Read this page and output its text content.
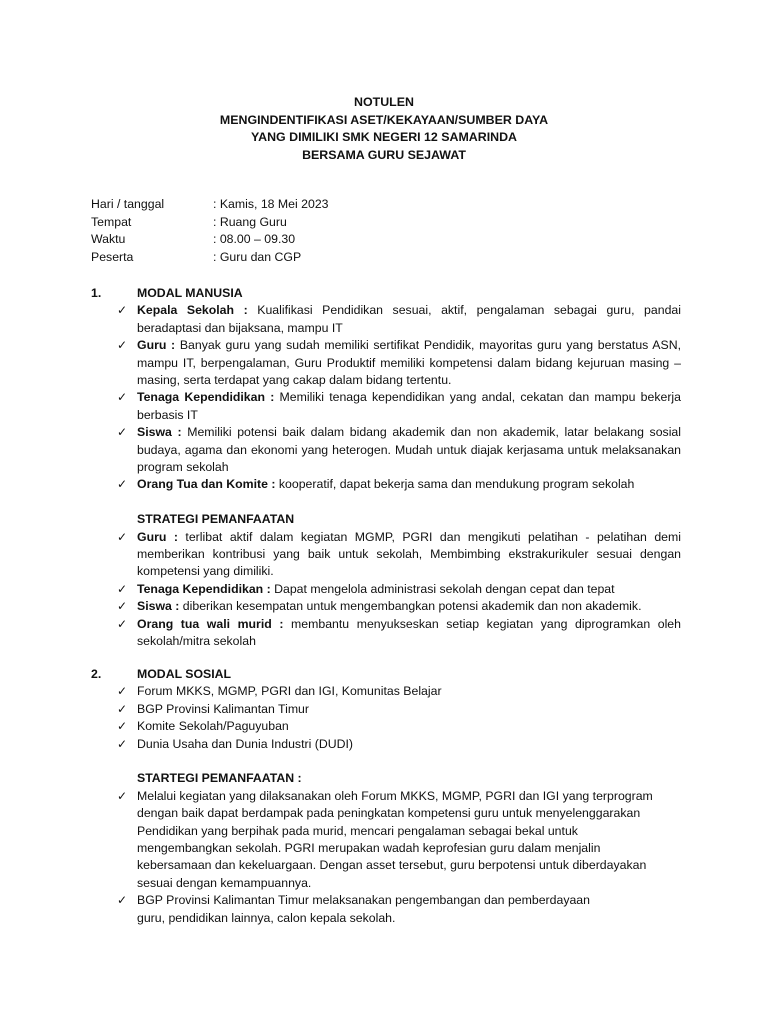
NOTULEN
MENGINDENTIFIKASI ASET/KEKAYAAN/SUMBER DAYA
YANG DIMILIKI SMK NEGERI 12 SAMARINDA
BERSAMA GURU SEJAWAT
Hari / tanggal	: Kamis, 18 Mei 2023
Tempat	: Ruang Guru
Waktu	: 08.00 – 09.30
Peserta	: Guru dan CGP
1.	MODAL MANUSIA
✓ Kepala Sekolah : Kualifikasi Pendidikan sesuai, aktif, pengalaman sebagai guru, pandai beradaptasi dan bijaksana, mampu IT
✓ Guru : Banyak guru yang sudah memiliki sertifikat Pendidik, mayoritas guru yang berstatus ASN, mampu IT, berpengalaman, Guru Produktif memiliki kompetensi dalam bidang kejuruan masing – masing, serta terdapat yang cakap dalam bidang tertentu.
✓ Tenaga Kependidikan : Memiliki tenaga kependidikan yang andal, cekatan dan mampu bekerja berbasis IT
✓ Siswa : Memiliki potensi baik dalam bidang akademik dan non akademik, latar belakang sosial budaya, agama dan ekonomi yang heterogen. Mudah untuk diajak kerjasama untuk melaksanakan program sekolah
✓ Orang Tua dan Komite : kooperatif, dapat bekerja sama dan mendukung program sekolah
STRATEGI PEMANFAATAN
✓ Guru : terlibat aktif dalam kegiatan MGMP, PGRI dan mengikuti pelatihan - pelatihan demi memberikan kontribusi yang baik untuk sekolah, Membimbing ekstrakurikuler sesuai dengan kompetensi yang dimiliki.
✓ Tenaga Kependidikan : Dapat mengelola administrasi sekolah dengan cepat dan tepat
✓ Siswa : diberikan kesempatan untuk mengembangkan potensi akademik dan non akademik.
✓ Orang tua wali murid : membantu menyukseskan setiap kegiatan yang diprogramkan oleh sekolah/mitra sekolah
2.	MODAL SOSIAL
✓ Forum MKKS, MGMP, PGRI dan IGI, Komunitas Belajar
✓ BGP Provinsi Kalimantan Timur
✓ Komite Sekolah/Paguyuban
✓ Dunia Usaha dan Dunia Industri (DUDI)
STARTEGI PEMANFAATAN :
✓ Melalui kegiatan yang dilaksanakan oleh Forum MKKS, MGMP, PGRI dan IGI yang terprogram
dengan baik dapat berdampak pada peningkatan kompetensi guru untuk menyelenggarakan
Pendidikan yang berpihak pada murid, mencari pengalaman sebagai bekal untuk
mengembangkan sekolah. PGRI merupakan wadah keprofesian guru dalam menjalin
kebersamaan dan kekeluargaan. Dengan asset tersebut, guru berpotensi untuk diberdayakan
sesuai dengan kemampuannya.
✓ BGP Provinsi Kalimantan Timur melaksanakan pengembangan dan pemberdayaan
guru, pendidikan lainnya, calon kepala sekolah.
